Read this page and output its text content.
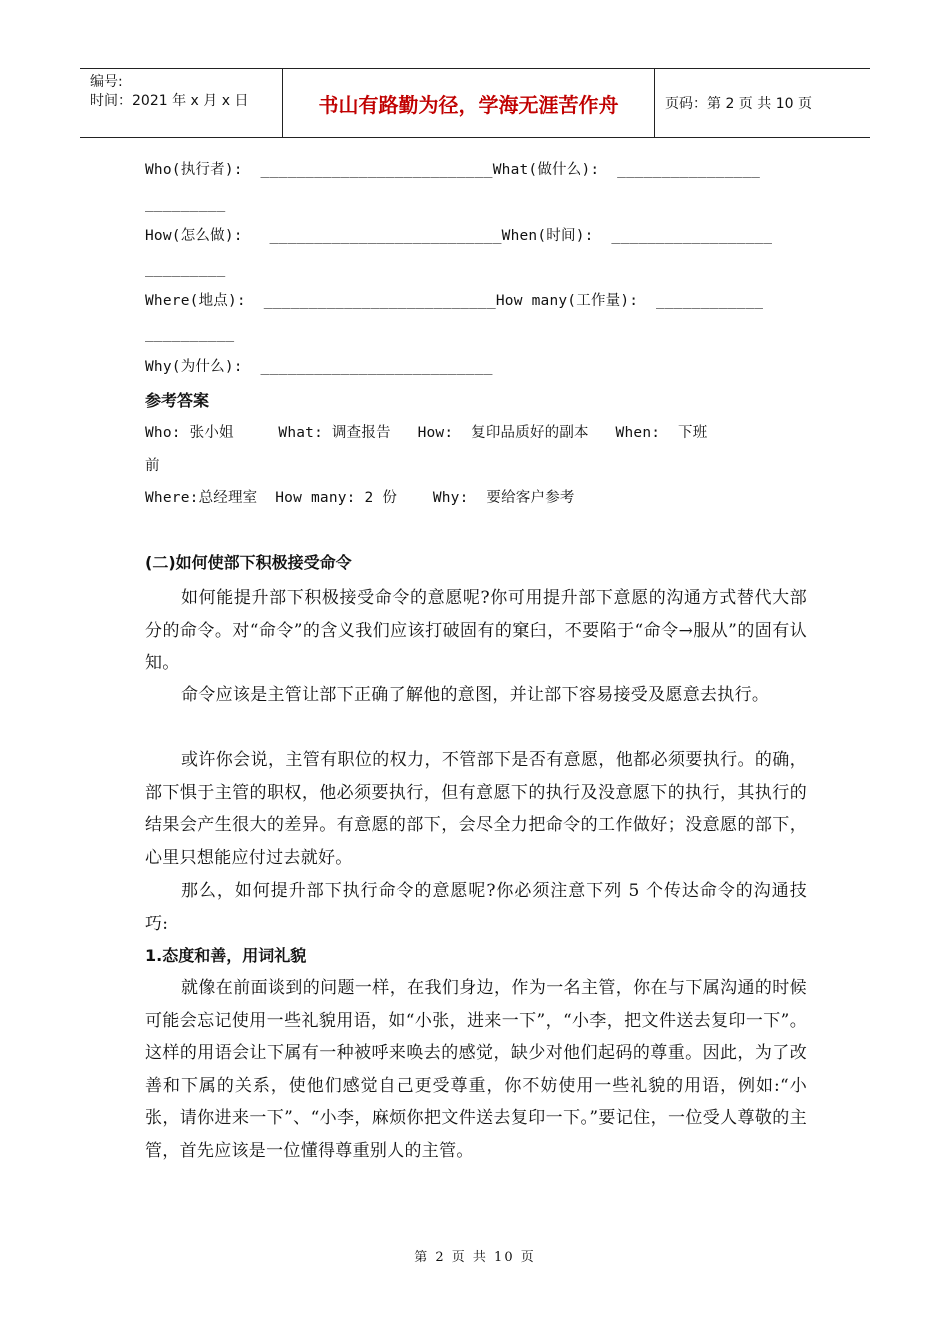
编号:
时间：2021 年 x 月 x 日	书山有路勤为径，学海无涯苦作舟	页码：第 2 页 共 10 页
Who(执行者):  __________________________What(做什么):  ________________
_________
How(怎么做):   __________________________When(时间):  __________________
_________
Where(地点):  __________________________How many(工作量):  ____________
__________
Why(为什么):  __________________________
参考答案
Who: 张小姐     What: 调查报告   How:  复印品质好的副本   When:  下班
前
Where:总经理室  How many: 2 份    Why:  要给客户参考
(二)如何使部下积极接受命令

如何能提升部下积极接受命令的意愿呢?你可用提升部下意愿的沟通方式替代大部分的命令。对“命令”的含义我们应该打破固有的窠臼，不要陷于“命令→服从”的固有认知。

命令应该是主管让部下正确了解他的意图，并让部下容易接受及愿意去执行。

或许你会说，主管有职位的权力，不管部下是否有意愿，他都必须要执行。的确，部下惧于主管的职权，他必须要执行，但有意愿下的执行及没意愿下的执行，其执行的结果会产生很大的差异。有意愿的部下，会尽全力把命令的工作做好；没意愿的部下，心里只想能应付过去就好。

那么，如何提升部下执行命令的意愿呢?你必须注意下列 5 个传达命令的沟通技巧:

1.态度和善，用词礼貌

就像在前面谈到的问题一样，在我们身边，作为一名主管，你在与下属沟通的时候可能会忘记使用一些礼貌用语，如“小张，进来一下”，“小李，把文件送去复印一下”。这样的用语会让下属有一种被呼来唤去的感觉，缺少对他们起码的尊重。因此，为了改善和下属的关系，使他们感觉自己更受尊重，你不妨使用一些礼貌的用语，例如:“小张，请你进来一下”、“小李，麻烦你把文件送去复印一下。”要记住，一位受人尊敬的主管，首先应该是一位懂得尊重别人的主管。

第 2 页 共 10 页
